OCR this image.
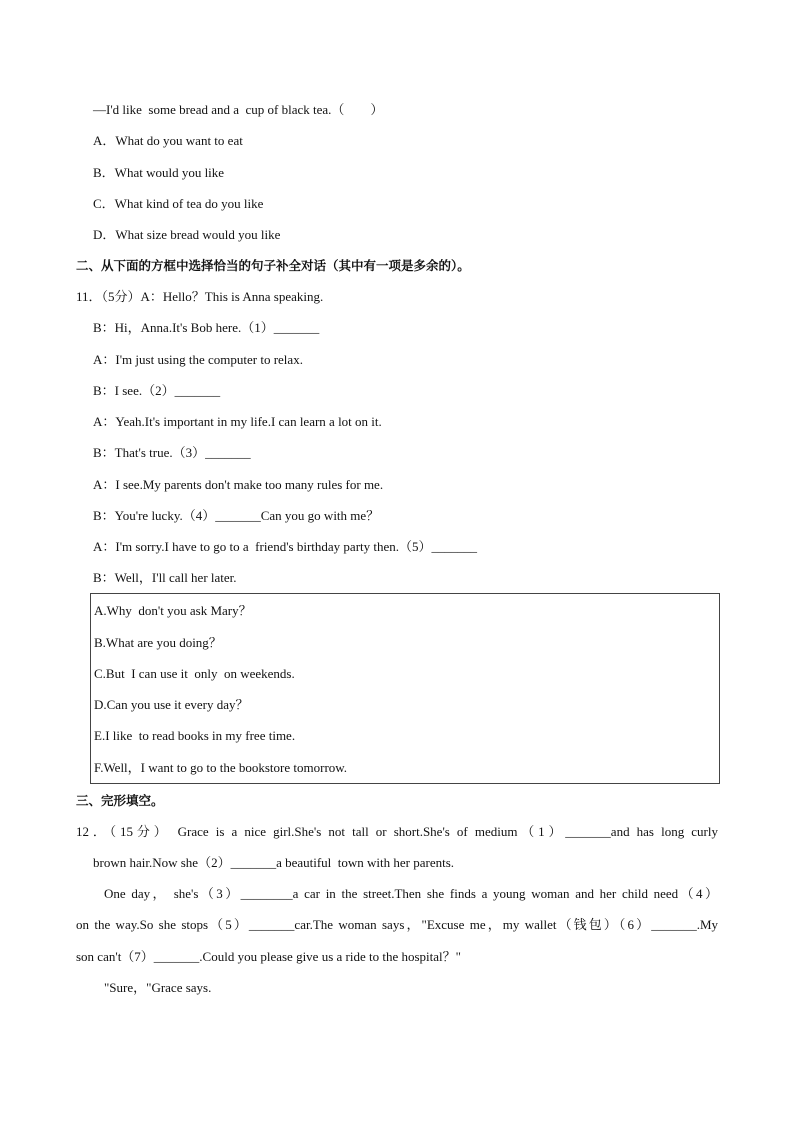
—I'd like  some bread and a  cup of black tea.（        ）
A．What do you want to eat
B．What would you like
C．What kind of tea do you like
D．What size bread would you like
二、从下面的方框中选择恰当的句子补全对话（其中有一项是多余的）。
11．（5分）A：Hello？This is Anna speaking.
B：Hi，Anna.It's Bob here.（1）_______
A：I'm just using the computer to relax.
B：I see.（2）_______
A：Yeah.It's important in my life.I can learn a lot on it.
B：That's true.（3）_______
A：I see.My parents don't make too many rules for me.
B：You're lucky.（4）_______Can you go with me？
A：I'm sorry.I have to go to a  friend's birthday party then.（5）_______
B：Well，I'll call her later.
A.Why  don't you ask Mary？
B.What are you doing？
C.But  I can use it  only  on weekends.
D.Can you use it every day？
E.I like  to read books in my free time.
F.Well，I want to go to the bookstore tomorrow.
三、完形填空。
12．（15分） Grace is a nice girl.She's not tall or short.She's of medium（1）_______and has long curly
brown hair.Now she（2）_______a beautiful  town with her parents.
One day， she's（3）________a car in the street.Then she finds a young woman and her child need（4）
on the way.So she stops（5）_______car.The woman says，"Excuse me，my wallet（钱包）（6）_______.My
son can't（7）_______.Could you please give us a ride to the hospital？"
"Sure，"Grace says.
